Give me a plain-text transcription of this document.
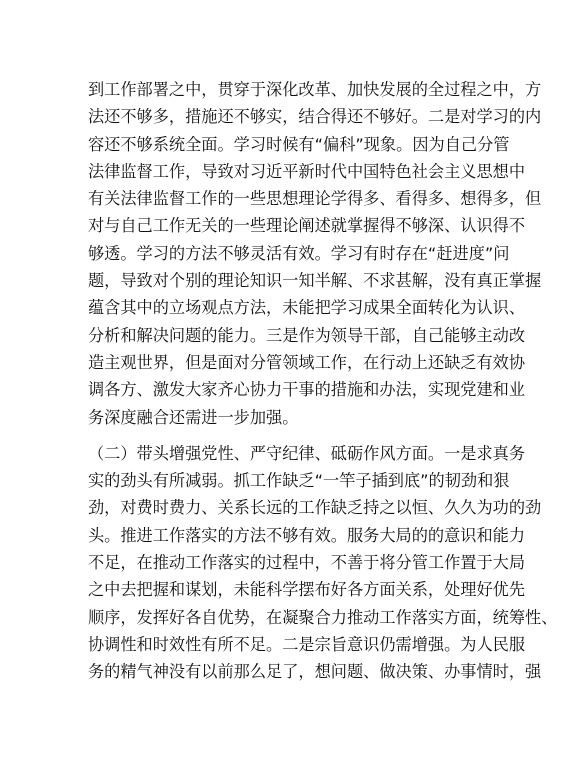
到工作部署之中，贯穿于深化改革、加快发展的全过程之中，方
法还不够多，措施还不够实，结合得还不够好。二是对学习的内
容还不够系统全面。学习时候有“偏科”现象。因为自己分管
法律监督工作，导致对习近平新时代中国特色社会主义思想中
有关法律监督工作的一些思想理论学得多、看得多、想得多，但
对与自己工作无关的一些理论阐述就掌握得不够深、认识得不
够透。学习的方法不够灵活有效。学习有时存在“赶进度”问
题，导致对个别的理论知识一知半解、不求甚解，没有真正掌握
蕴含其中的立场观点方法，未能把学习成果全面转化为认识、
分析和解决问题的能力。三是作为领导干部，自己能够主动改
造主观世界，但是面对分管领域工作，在行动上还缺乏有效协
调各方、激发大家齐心协力干事的措施和办法，实现党建和业
务深度融合还需进一步加强。
（二）带头增强党性、严守纪律、砥砺作风方面。一是求真务
实的劲头有所减弱。抓工作缺乏“一竿子插到底”的韧劲和狠
劲，对费时费力、关系长远的工作缺乏持之以恒、久久为功的劲
头。推进工作落实的方法不够有效。服务大局的的意识和能力
不足，在推动工作落实的过程中，不善于将分管工作置于大局
之中去把握和谋划，未能科学摆布好各方面关系，处理好优先
顺序，发挥好各自优势，在凝聚合力推动工作落实方面，统筹性、
协调性和时效性有所不足。二是宗旨意识仍需增强。为人民服
务的精气神没有以前那么足了，想问题、做决策、办事情时，强
